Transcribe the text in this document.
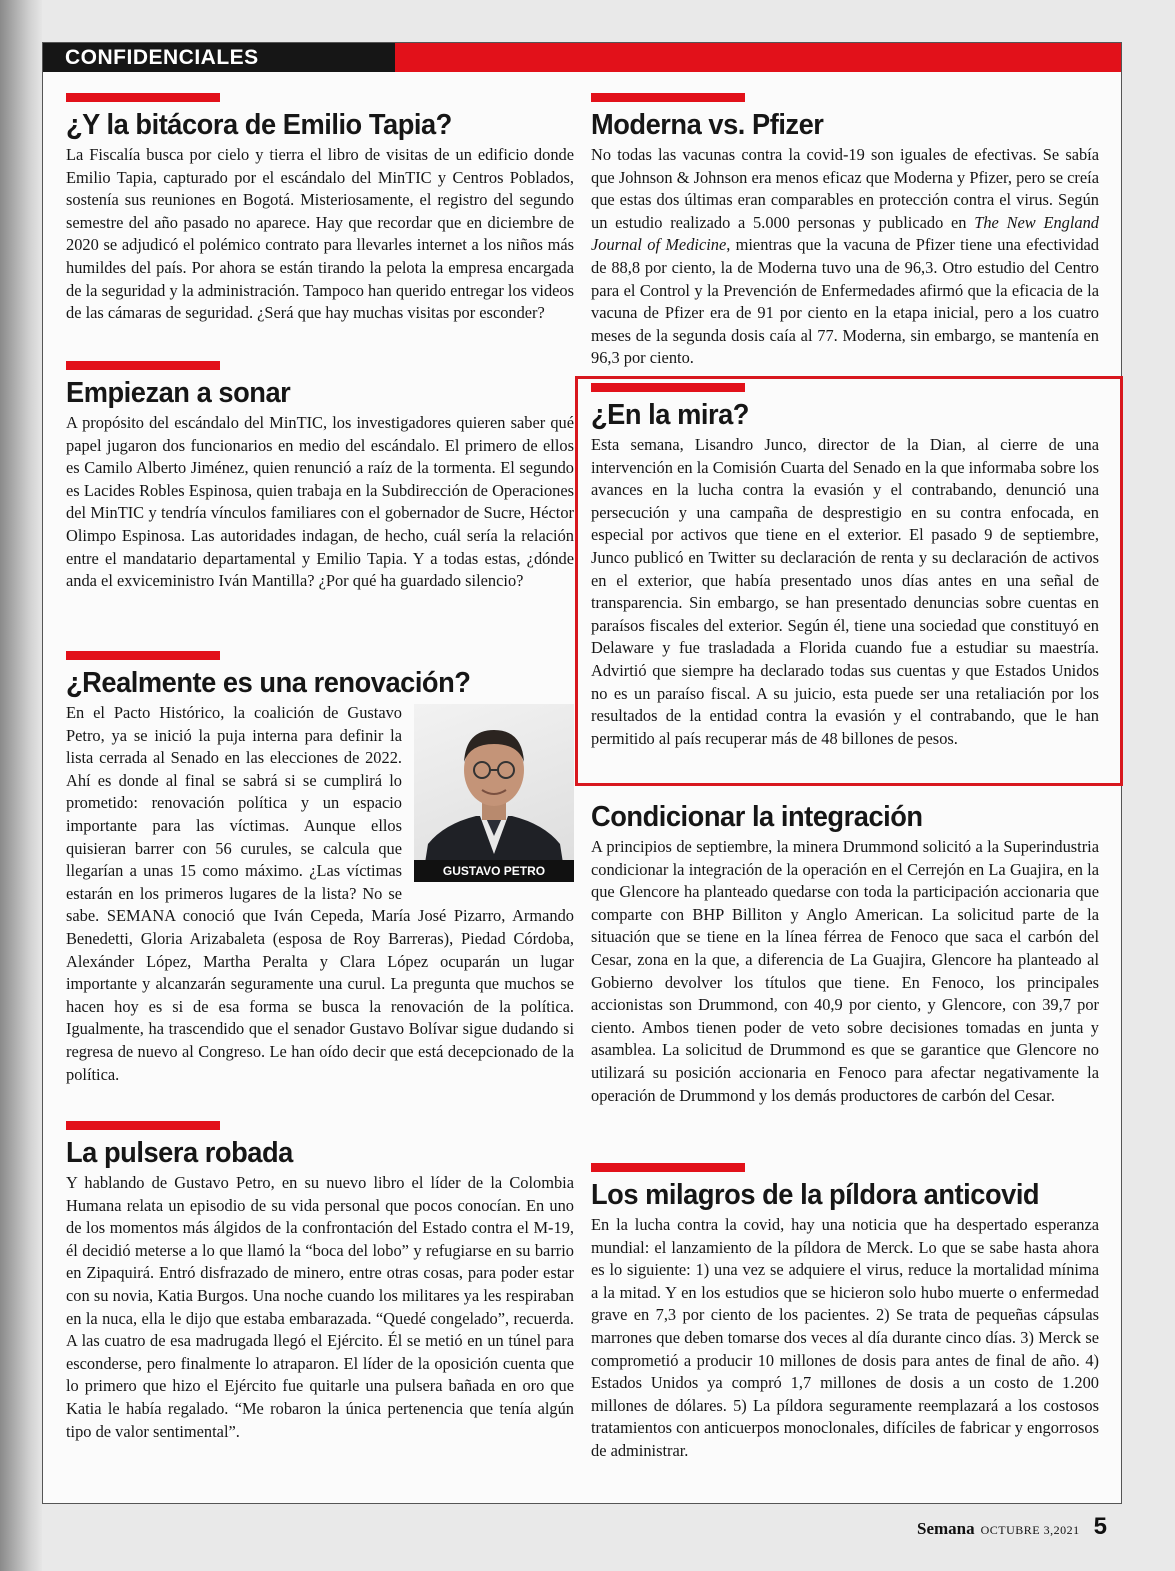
CONFIDENCIALES
¿Y la bitácora de Emilio Tapia?

La Fiscalía busca por cielo y tierra el libro de visitas de un edificio donde Emilio Tapia, capturado por el escándalo del MinTIC y Centros Poblados, sostenía sus reuniones en Bogotá. Misteriosamente, el registro del segundo semestre del año pasado no aparece. Hay que recordar que en diciembre de 2020 se adjudicó el polémico contrato para llevarles internet a los niños más humildes del país. Por ahora se están tirando la pelota la empresa encargada de la seguridad y la administración. Tampoco han querido entregar los videos de las cámaras de seguridad. ¿Será que hay muchas visitas por esconder?

Empiezan a sonar

A propósito del escándalo del MinTIC, los investigadores quieren saber qué papel jugaron dos funcionarios en medio del escándalo. El primero de ellos es Camilo Alberto Jiménez, quien renunció a raíz de la tormenta. El segundo es Lacides Robles Espinosa, quien trabaja en la Subdirección de Operaciones del MinTIC y tendría vínculos familiares con el gobernador de Sucre, Héctor Olimpo Espinosa. Las autoridades indagan, de hecho, cuál sería la relación entre el mandatario departamental y Emilio Tapia. Y a todas estas, ¿dónde anda el exviceministro Iván Mantilla? ¿Por qué ha guardado silencio?

¿Realmente es una renovación?
GUSTAVO PETRO

En el Pacto Histórico, la coalición de Gustavo Petro, ya se inició la puja interna para definir la lista cerrada al Senado en las elecciones de 2022. Ahí es donde al final se sabrá si se cumplirá lo prometido: renovación política y un espacio importante para las víctimas. Aunque ellos quisieran barrer con 56 curules, se calcula que llegarían a unas 15 como máximo. ¿Las víctimas estarán en los primeros lugares de la lista? No se sabe. SEMANA conoció que Iván Cepeda, María José Pizarro, Armando Benedetti, Gloria Arizabaleta (esposa de Roy Barreras), Piedad Córdoba, Alexánder López, Martha Peralta y Clara López ocuparán un lugar importante y alcanzarán seguramente una curul. La pregunta que muchos se hacen hoy es si de esa forma se busca la renovación de la política. Igualmente, ha trascendido que el senador Gustavo Bolívar sigue dudando si regresa de nuevo al Congreso. Le han oído decir que está decepcionado de la política.

La pulsera robada

Y hablando de Gustavo Petro, en su nuevo libro el líder de la Colombia Humana relata un episodio de su vida personal que pocos conocían. En uno de los momentos más álgidos de la confrontación del Estado contra el M-19, él decidió meterse a lo que llamó la “boca del lobo” y refugiarse en su barrio en Zipaquirá. Entró disfrazado de minero, entre otras cosas, para poder estar con su novia, Katia Burgos. Una noche cuando los militares ya les respiraban en la nuca, ella le dijo que estaba embarazada. “Quedé congelado”, recuerda. A las cuatro de esa madrugada llegó el Ejército. Él se metió en un túnel para esconderse, pero finalmente lo atraparon. El líder de la oposición cuenta que lo primero que hizo el Ejército fue quitarle una pulsera bañada en oro que Katia le había regalado. “Me robaron la única pertenencia que tenía algún tipo de valor sentimental”.

Moderna vs. Pfizer

No todas las vacunas contra la covid-19 son iguales de efectivas. Se sabía que Johnson & Johnson era menos eficaz que Moderna y Pfizer, pero se creía que estas dos últimas eran comparables en protección contra el virus. Según un estudio realizado a 5.000 personas y publicado en The New England Journal of Medicine, mientras que la vacuna de Pfizer tiene una efectividad de 88,8 por ciento, la de Moderna tuvo una de 96,3. Otro estudio del Centro para el Control y la Prevención de Enfermedades afirmó que la eficacia de la vacuna de Pfizer era de 91 por ciento en la etapa inicial, pero a los cuatro meses de la segunda dosis caía al 77. Moderna, sin embargo, se mantenía en 96,3 por ciento.

¿En la mira?

Esta semana, Lisandro Junco, director de la Dian, al cierre de una intervención en la Comisión Cuarta del Senado en la que informaba sobre los avances en la lucha contra la evasión y el contrabando, denunció una persecución y una campaña de desprestigio en su contra enfocada, en especial por activos que tiene en el exterior. El pasado 9 de septiembre, Junco publicó en Twitter su declaración de renta y su declaración de activos en el exterior, que había presentado unos días antes en una señal de transparencia. Sin embargo, se han presentado denuncias sobre cuentas en paraísos fiscales del exterior. Según él, tiene una sociedad que constituyó en Delaware y fue trasladada a Florida cuando fue a estudiar su maestría. Advirtió que siempre ha declarado todas sus cuentas y que Estados Unidos no es un paraíso fiscal. A su juicio, esta puede ser una retaliación por los resultados de la entidad contra la evasión y el contrabando, que le han permitido al país recuperar más de 48 billones de pesos.

Condicionar la integración

A principios de septiembre, la minera Drummond solicitó a la Superindustria condicionar la integración de la operación en el Cerrejón en La Guajira, en la que Glencore ha planteado quedarse con toda la participación accionaria que comparte con BHP Billiton y Anglo American. La solicitud parte de la situación que se tiene en la línea férrea de Fenoco que saca el carbón del Cesar, zona en la que, a diferencia de La Guajira, Glencore ha planteado al Gobierno devolver los títulos que tiene. En Fenoco, los principales accionistas son Drummond, con 40,9 por ciento, y Glencore, con 39,7 por ciento. Ambos tienen poder de veto sobre decisiones tomadas en junta y asamblea. La solicitud de Drummond es que se garantice que Glencore no utilizará su posición accionaria en Fenoco para afectar negativamente la operación de Drummond y los demás productores de carbón del Cesar.

Los milagros de la píldora anticovid

En la lucha contra la covid, hay una noticia que ha despertado esperanza mundial: el lanzamiento de la píldora de Merck. Lo que se sabe hasta ahora es lo siguiente: 1) una vez se adquiere el virus, reduce la mortalidad mínima a la mitad. Y en los estudios que se hicieron solo hubo muerte o enfermedad grave en 7,3 por ciento de los pacientes. 2) Se trata de pequeñas cápsulas marrones que deben tomarse dos veces al día durante cinco días. 3) Merck se comprometió a producir 10 millones de dosis para antes de final de año. 4) Estados Unidos ya compró 1,7 millones de dosis a un costo de 1.200 millones de dólares. 5) La píldora seguramente reemplazará a los costosos tratamientos con anticuerpos monoclonales, difíciles de fabricar y engorrosos de administrar.

Semana OCTUBRE 3,2021 5
